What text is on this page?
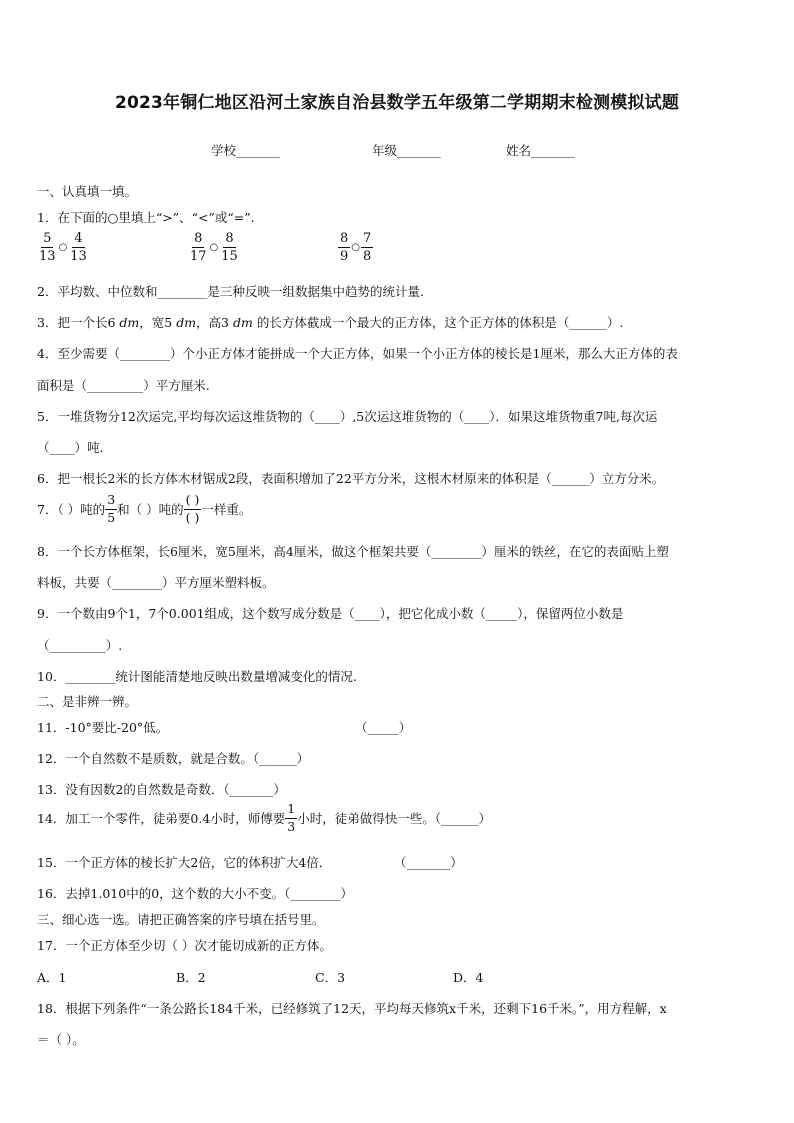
2023年铜仁地区沿河土家族自治县数学五年级第二学期期末检测模拟试题
学校_______	年级_______	姓名_______
一、认真填一填。
1．在下面的○里填上“>”、“<”或“=”.
$\frac{5}{13}$ ○ $\frac{4}{13}$	$\frac{8}{17}$ ○ $\frac{8}{15}$	$\frac{8}{9}$ ○ $\frac{7}{8}$
2．平均数、中位数和________是三种反映一组数据集中趋势的统计量.
3．把一个长6 dm，宽5 dm，高3 dm 的长方体截成一个最大的正方体，这个正方体的体积是（______）.
4．至少需要（________）个小正方体才能拼成一个大正方体，如果一个小正方体的棱长是1厘米，那么大正方体的表
面积是（_________）平方厘米.
5．一堆货物分12次运完,平均每次运这堆货物的（____）,5次运这堆货物的（____）．如果这堆货物重7吨,每次运
（____）吨.
6．把一根长2米的长方体木材锯成2段，表面积增加了22平方分米，这根木材原来的体积是（______）立方分米。
7．（ ）吨的 $\frac{3}{5}$ 和（ ）吨的 $\frac{( )}{( )}$ 一样重。
8．一个长方体框架，长6厘米，宽5厘米，高4厘米，做这个框架共要（________）厘米的铁丝，在它的表面贴上塑
料板，共要（________）平方厘米塑料板。
9．一个数由9个1，7个0.001组成，这个数写成分数是（____），把它化成小数（_____），保留两位小数是
（_________）.
10．________统计图能清楚地反映出数量增减变化的情况.
二、是非辨一辨。
11．-10°要比-20°低。	（_____）
12．一个自然数不是质数，就是合数。（______）
13．没有因数2的自然数是奇数．（_______）
14．加工一个零件，徒弟要0.4小时，师傅要 $\frac{1}{3}$ 小时，徒弟做得快一些。（______）
15．一个正方体的棱长扩大2倍，它的体积扩大4倍．	（_______）
16．去掉1.010中的0，这个数的大小不变。（________）
三、细心选一选。请把正确答案的序号填在括号里。
17．一个正方体至少切（ ）次才能切成新的正方体。
A．1	B．2	C．3	D．4
18．根据下列条件“一条公路长184千米，已经修筑了12天，平均每天修筑x千米，还剩下16千米。”，用方程解，x
＝（ ）。
